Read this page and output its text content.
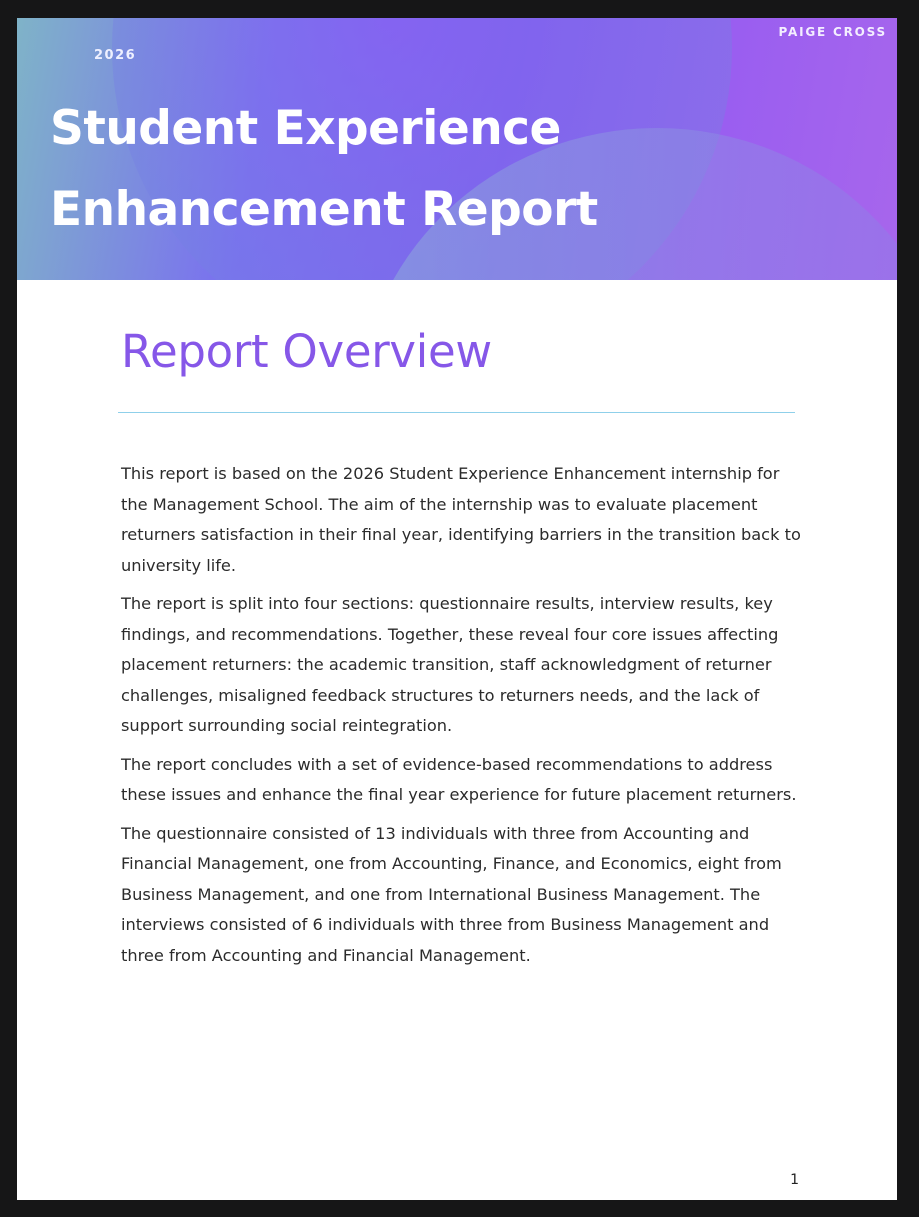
2026
PAIGE CROSS
Student Experience
Enhancement Report
Report Overview

This report is based on the 2026 Student Experience Enhancement internship for the Management School. The aim of the internship was to evaluate placement returners satisfaction in their final year, identifying barriers in the transition back to university life.

The report is split into four sections: questionnaire results, interview results, key findings, and recommendations. Together, these reveal four core issues affecting placement returners: the academic transition, staff acknowledgment of returner challenges, misaligned feedback structures to returners needs, and the lack of support surrounding social reintegration.

The report concludes with a set of evidence-based recommendations to address these issues and enhance the final year experience for future placement returners.

The questionnaire consisted of 13 individuals with three from Accounting and Financial Management, one from Accounting, Finance, and Economics, eight from Business Management, and one from International Business Management. The interviews consisted of 6 individuals with three from Business Management and three from Accounting and Financial Management.

1
